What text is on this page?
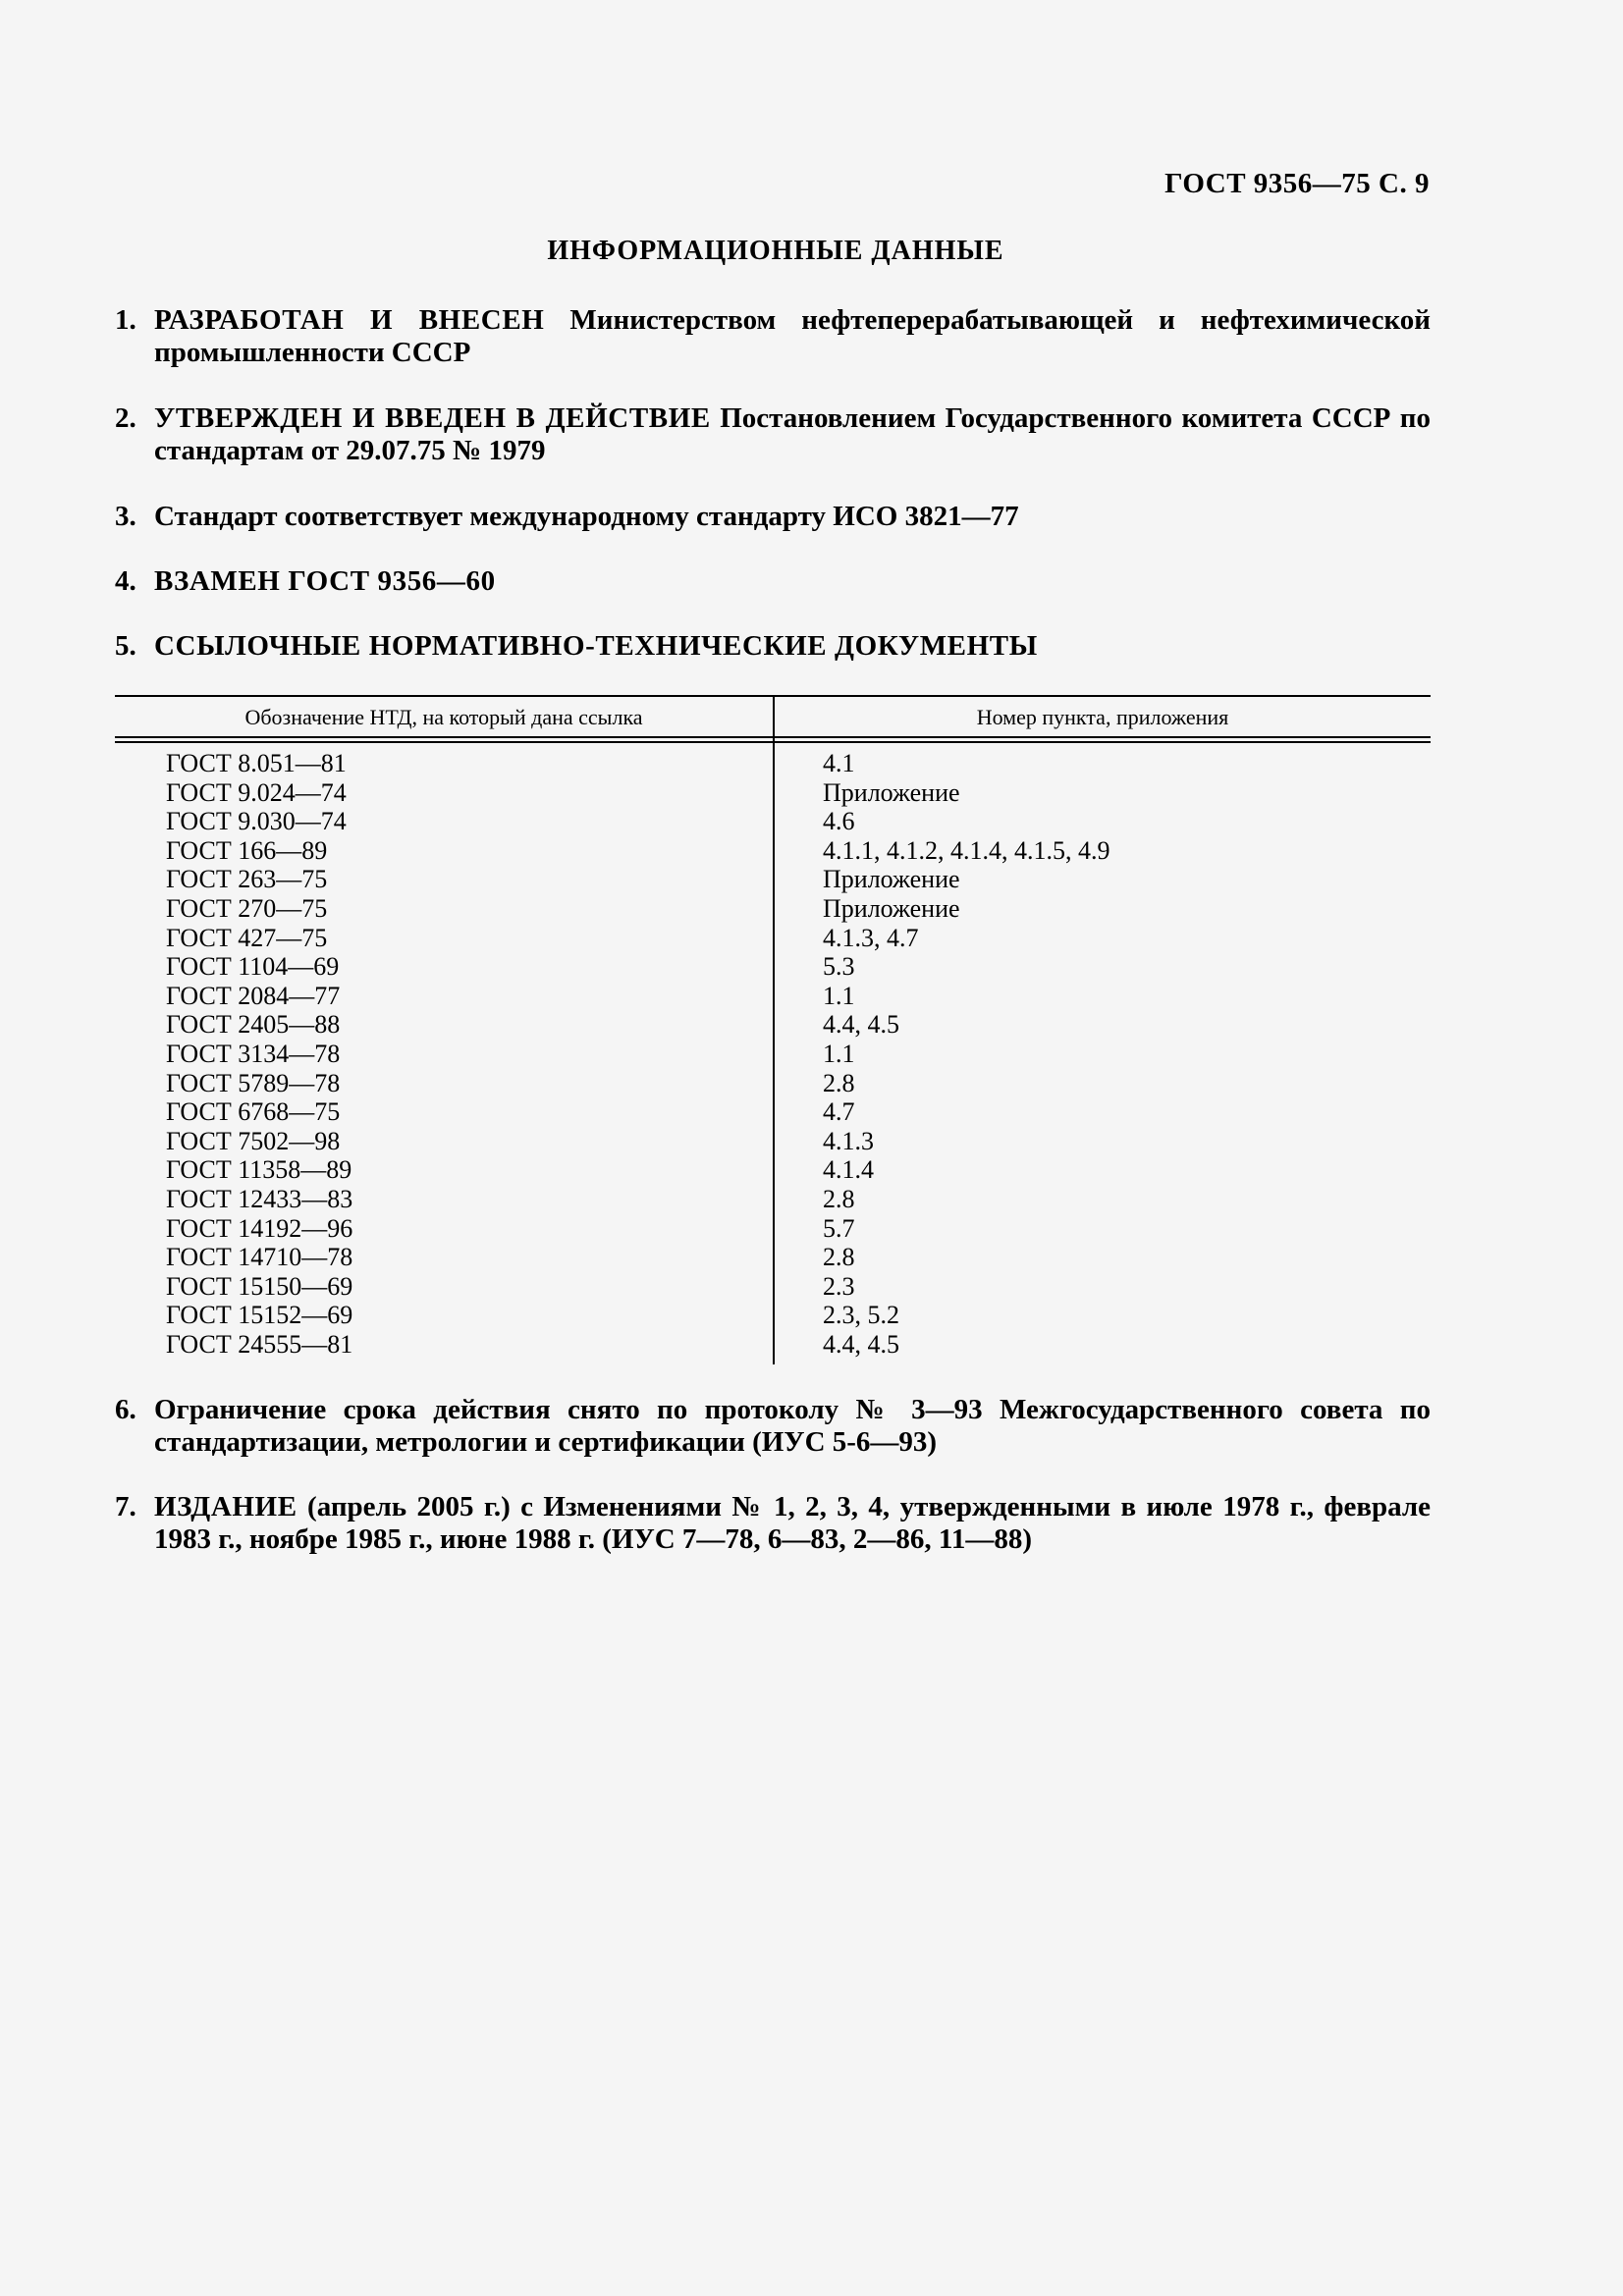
ГОСТ 9356—75 С. 9
ИНФОРМАЦИОННЫЕ ДАННЫЕ
1. РАЗРАБОТАН И ВНЕСЕН Министерством нефтеперерабатывающей и нефтехимической промышленности СССР
2. УТВЕРЖДЕН И ВВЕДЕН В ДЕЙСТВИЕ Постановлением Государственного комитета СССР по стандартам от 29.07.75 № 1979
3. Стандарт соответствует международному стандарту ИСО 3821—77
4. ВЗАМЕН ГОСТ 9356—60
5. ССЫЛОЧНЫЕ НОРМАТИВНО-ТЕХНИЧЕСКИЕ ДОКУМЕНТЫ
Обозначение НТД, на который дана ссылка	Номер пункта, приложения
ГОСТ 8.051—81	4.1
ГОСТ 9.024—74	Приложение
ГОСТ 9.030—74	4.6
ГОСТ 166—89	4.1.1, 4.1.2, 4.1.4, 4.1.5, 4.9
ГОСТ 263—75	Приложение
ГОСТ 270—75	Приложение
ГОСТ 427—75	4.1.3, 4.7
ГОСТ 1104—69	5.3
ГОСТ 2084—77	1.1
ГОСТ 2405—88	4.4, 4.5
ГОСТ 3134—78	1.1
ГОСТ 5789—78	2.8
ГОСТ 6768—75	4.7
ГОСТ 7502—98	4.1.3
ГОСТ 11358—89	4.1.4
ГОСТ 12433—83	2.8
ГОСТ 14192—96	5.7
ГОСТ 14710—78	2.8
ГОСТ 15150—69	2.3
ГОСТ 15152—69	2.3, 5.2
ГОСТ 24555—81	4.4, 4.5
6. Ограничение срока действия снято по протоколу № 3—93 Межгосударственного совета по стандартизации, метрологии и сертификации (ИУС 5-6—93)
7. ИЗДАНИЕ (апрель 2005 г.) с Изменениями № 1, 2, 3, 4, утвержденными в июле 1978 г., феврале 1983 г., ноябре 1985 г., июне 1988 г. (ИУС 7—78, 6—83, 2—86, 11—88)
